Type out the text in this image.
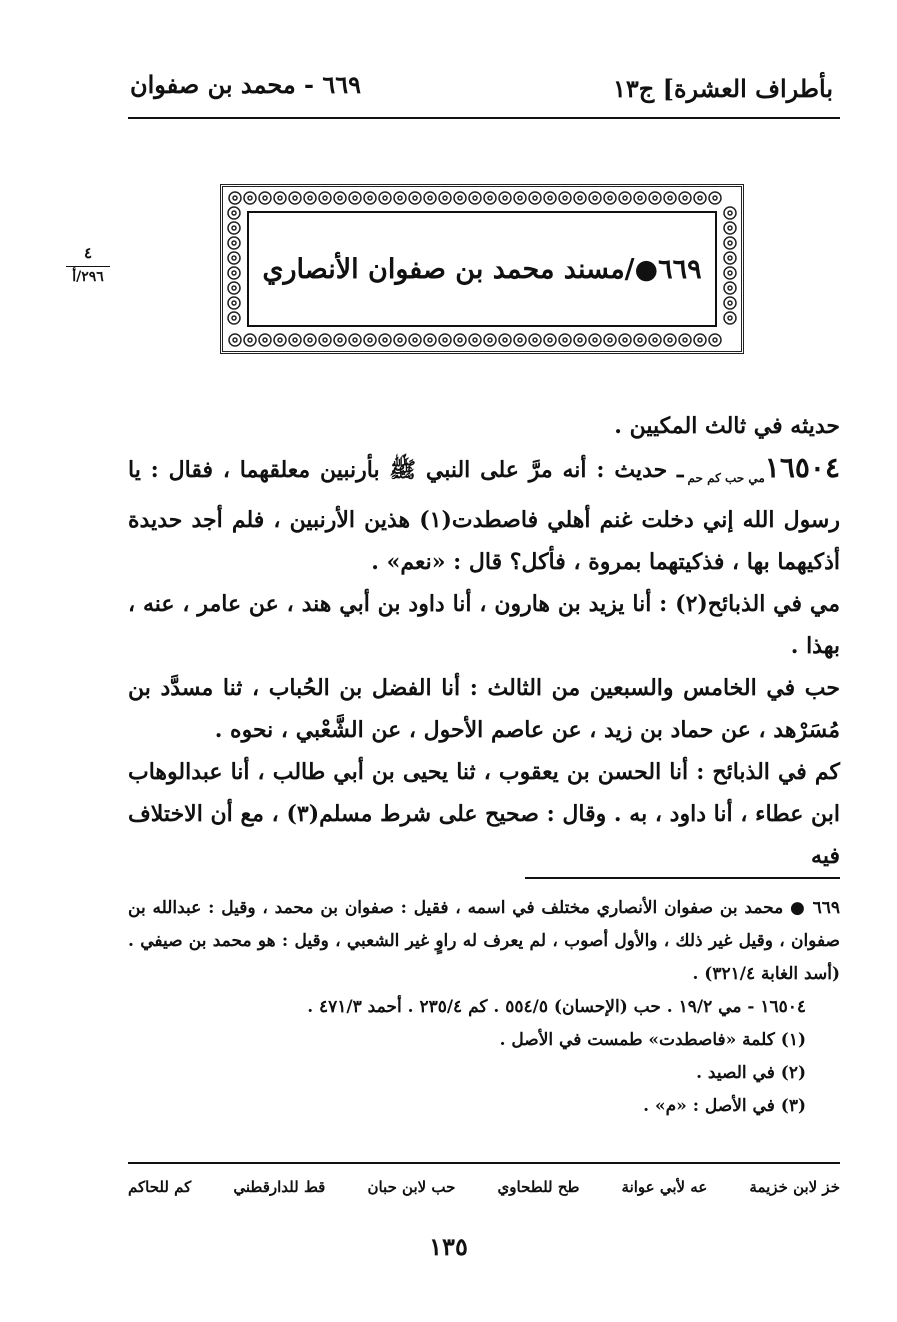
٦٦٩ - محمد بن صفوان	بأطراف العشرة] ج١٣
٤
٢٩٦/أ	٦٦٩●/مسند محمد بن صفوان الأنصاري

حديثه في ثالث المكيين .

١٦٥٠٤مي حب كم حمـ حديث : أنه مرَّ على النبي ﷺ بأرنبين معلقهما ، فقال : يا رسول الله إني دخلت غنم أهلي فاصطدت(١) هذين الأرنبين ، فلم أجد حديدة أذكيهما بها ، فذكيتهما بمروة ، فأكل؟ قال : «نعم» .

مي في الذبائح(٢) : أنا يزيد بن هارون ، أنا داود بن أبي هند ، عن عامر ، عنه ، بهذا .

حب في الخامس والسبعين من الثالث : أنا الفضل بن الحُباب ، ثنا مسدَّد بن مُسَرْهد ، عن حماد بن زيد ، عن عاصم الأحول ، عن الشَّعْبي ، نحوه .

كم في الذبائح : أنا الحسن بن يعقوب ، ثنا يحيى بن أبي طالب ، أنا عبدالوهاب ابن عطاء ، أنا داود ، به . وقال : صحيح على شرط مسلم(٣) ، مع أن الاختلاف فيه

٦٦٩ ● محمد بن صفوان الأنصاري مختلف في اسمه ، فقيل : صفوان بن محمد ، وقيل : عبدالله بن صفوان ، وقيل غير ذلك ، والأول أصوب ، لم يعرف له راوٍ غير الشعبي ، وقيل : هو محمد بن صيفي . (أسد الغابة ٣٢١/٤) .

١٦٥٠٤ - مي ١٩/٢ . حب (الإحسان) ٥٥٤/٥ . كم ٢٣٥/٤ . أحمد ٤٧١/٣ .

(١) كلمة «فاصطدت» طمست في الأصل .

(٢) في الصيد .

(٣) في الأصل : «م» .

خز لابن خزيمة
عه لأبي عوانة
طح للطحاوي
حب لابن حبان
قط للدارقطني
كم للحاكم
١٣٥
